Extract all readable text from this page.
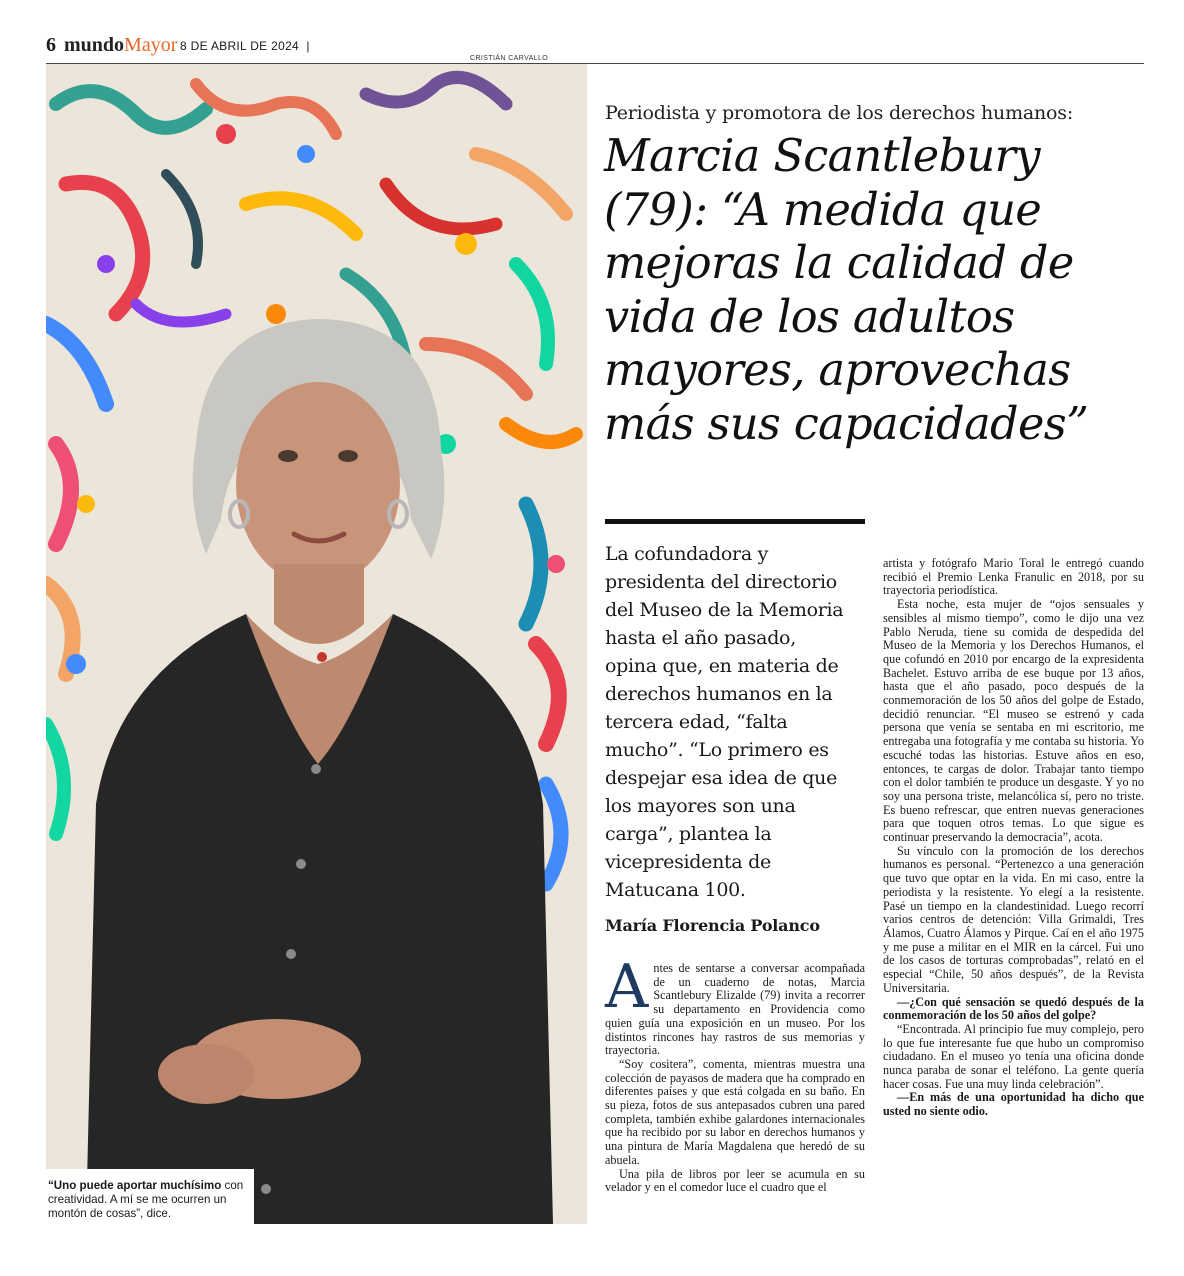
6 mundoMayor 8 DE ABRIL DE 2024 |
CRISTIÁN CARVALLO
“Uno puede aportar muchísimo con creatividad. A mí se me ocurren un montón de cosas”, dice.
Periodista y promotora de los derechos humanos:
Marcia Scantlebury
(79): “A medida que
mejoras la calidad de
vida de los adultos
mayores, aprovechas
más sus capacidades”
La cofundadora y
presidenta del directorio
del Museo de la Memoria
hasta el año pasado,
opina que, en materia de
derechos humanos en la
tercera edad, “falta
mucho”. “Lo primero es
despejar esa idea de que
los mayores son una
carga”, plantea la
vicepresidenta de
Matucana 100.
María Florencia Polanco

Antes de sentarse a conversar acompañada de un cuaderno de notas, Marcia Scantlebury Elizalde (79) invita a recorrer su departamento en Providencia como quien guía una exposición en un museo. Por los distintos rincones hay rastros de sus memorias y trayectoria.

“Soy cositera”, comenta, mientras muestra una colección de payasos de madera que ha comprado en diferentes países y que está colgada en su baño. En su pieza, fotos de sus antepasados cubren una pared completa, también exhibe galardones internacionales que ha recibido por su labor en derechos humanos y una pintura de María Magdalena que heredó de su abuela.

Una pila de libros por leer se acumula en su velador y en el comedor luce el cuadro que el

artista y fotógrafo Mario Toral le entregó cuando recibió el Premio Lenka Franulic en 2018, por su trayectoria periodística.

Esta noche, esta mujer de “ojos sensuales y sensibles al mismo tiempo”, como le dijo una vez Pablo Neruda, tiene su comida de despedida del Museo de la Memoria y los Derechos Humanos, el que cofundó en 2010 por encargo de la expresidenta Bachelet. Estuvo arriba de ese buque por 13 años, hasta que el año pasado, poco después de la conmemoración de los 50 años del golpe de Estado, decidió renunciar. “El museo se estrenó y cada persona que venía se sentaba en mi escritorio, me entregaba una fotografía y me contaba su historia. Yo escuché todas las historias. Estuve años en eso, entonces, te cargas de dolor. Trabajar tanto tiempo con el dolor también te produce un desgaste. Y yo no soy una persona triste, melancólica sí, pero no triste. Es bueno refrescar, que entren nuevas generaciones para que toquen otros temas. Lo que sigue es continuar preservando la democracia”, acota.

Su vínculo con la promoción de los derechos humanos es personal. “Pertenezco a una generación que tuvo que optar en la vida. En mi caso, entre la periodista y la resistente. Yo elegí a la resistente. Pasé un tiempo en la clandestinidad. Luego recorrí varios centros de detención: Villa Grimaldi, Tres Álamos, Cuatro Álamos y Pirque. Caí en el año 1975 y me puse a militar en el MIR en la cárcel. Fui uno de los casos de torturas comprobadas”, relató en el especial “Chile, 50 años después”, de la Revista Universitaria.

—¿Con qué sensación se quedó después de la conmemoración de los 50 años del golpe?

“Encontrada. Al principio fue muy complejo, pero lo que fue interesante fue que hubo un compromiso ciudadano. En el museo yo tenía una oficina donde nunca paraba de sonar el teléfono. La gente quería hacer cosas. Fue una muy linda celebración”.

—En más de una oportunidad ha dicho que usted no siente odio.
